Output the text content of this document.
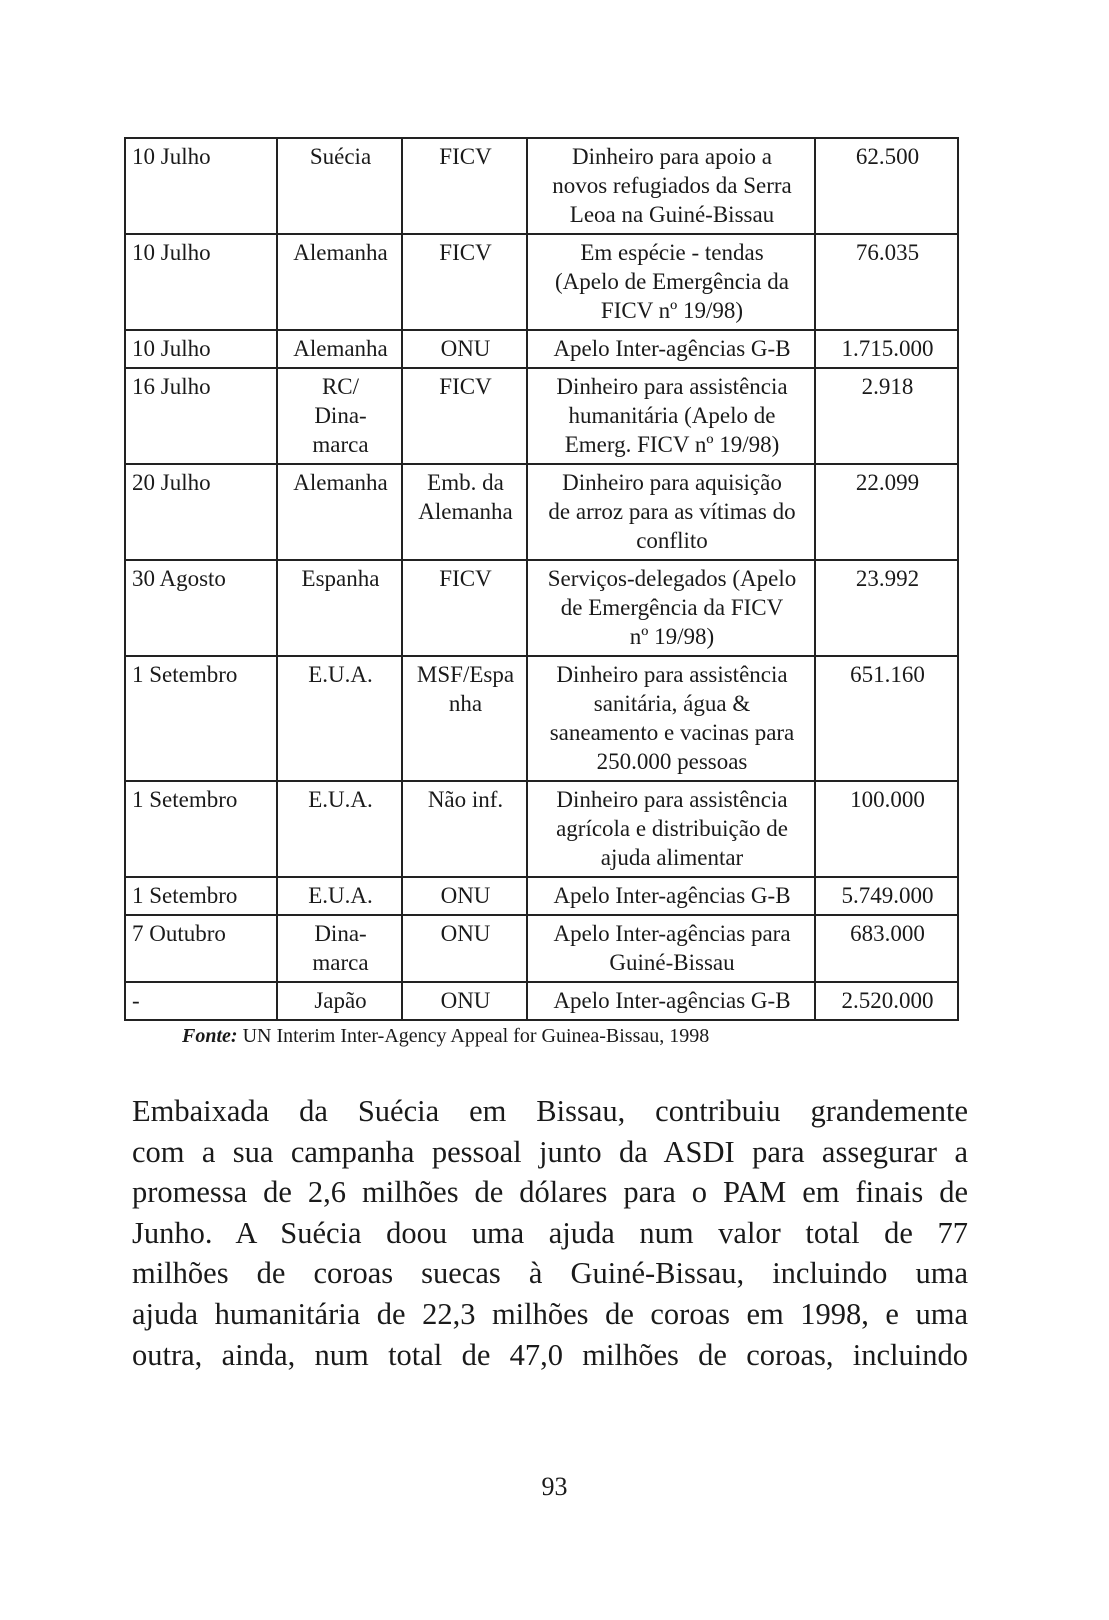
10 Julho	Suécia	FICV	Dinheiro para apoio a
novos refugiados da Serra
Leoa na Guiné-Bissau	62.500
10 Julho	Alemanha	FICV	Em espécie - tendas
(Apelo de Emergência da
FICV nº 19/98)	76.035
10 Julho	Alemanha	ONU	Apelo Inter-agências G-B	1.715.000
16 Julho	RC/
Dina-
marca	FICV	Dinheiro para assistência
humanitária (Apelo de
Emerg. FICV nº 19/98)	2.918
20 Julho	Alemanha	Emb. da
Alemanha	Dinheiro para aquisição
de arroz para as vítimas do
conflito	22.099
30 Agosto	Espanha	FICV	Serviços-delegados (Apelo
de Emergência da FICV
nº 19/98)	23.992
1 Setembro	E.U.A.	MSF/Espa
nha	Dinheiro para assistência
sanitária, água &
saneamento e vacinas para
250.000 pessoas	651.160
1 Setembro	E.U.A.	Não inf.	Dinheiro para assistência
agrícola e distribuição de
ajuda alimentar	100.000
1 Setembro	E.U.A.	ONU	Apelo Inter-agências G-B	5.749.000
7 Outubro	Dina-
marca	ONU	Apelo Inter-agências para
Guiné-Bissau	683.000
-	Japão	ONU	Apelo Inter-agências G-B	2.520.000
Fonte: UN Interim Inter-Agency Appeal for Guinea-Bissau, 1998
Embaixada da Suécia em Bissau, contribuiu grandemente
com a sua campanha pessoal junto da ASDI para assegurar a
promessa de 2,6 milhões de dólares para o PAM em finais de
Junho. A Suécia doou uma ajuda num valor total de 77
milhões de coroas suecas à Guiné-Bissau, incluindo uma
ajuda humanitária de 22,3 milhões de coroas em 1998, e uma
outra, ainda, num total de 47,0 milhões de coroas, incluindo
93
